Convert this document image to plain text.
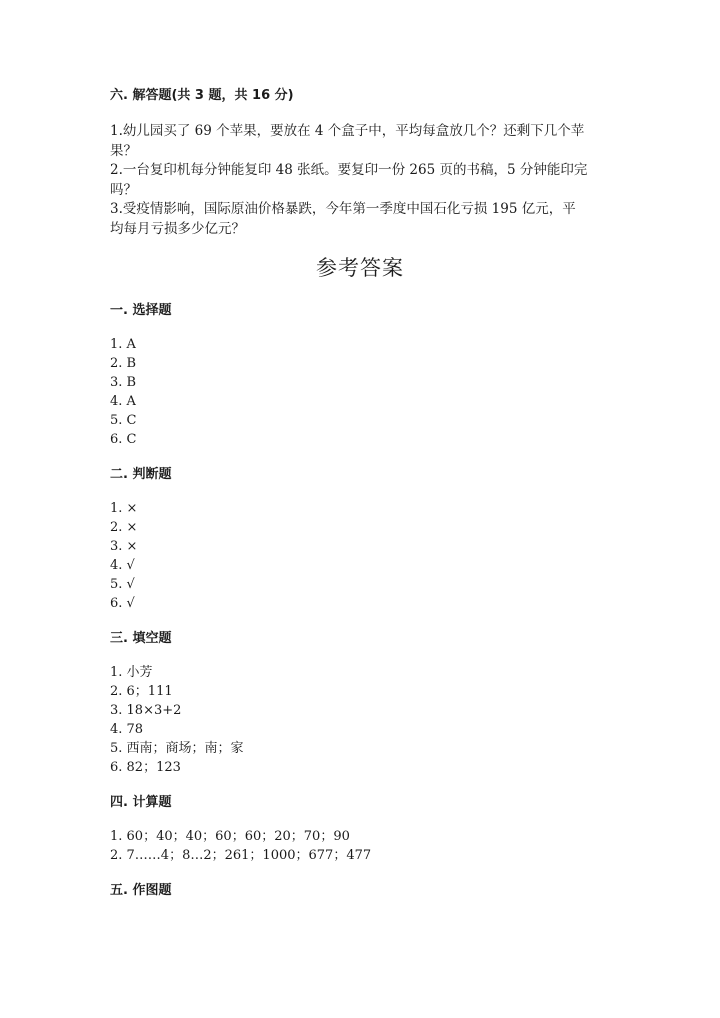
六. 解答题(共 3 题，共 16 分)

1.幼儿园买了 69 个苹果，要放在 4 个盒子中，平均每盒放几个？还剩下几个苹

果？

2.一台复印机每分钟能复印 48 张纸。要复印一份 265 页的书稿，5 分钟能印完

吗？

3.受疫情影响，国际原油价格暴跌，今年第一季度中国石化亏损 195 亿元，平

均每月亏损多少亿元？

参考答案

一. 选择题

1. A

2. B

3. B

4. A

5. C

6. C

二. 判断题

1. ×

2. ×

3. ×

4. √

5. √

6. √

三. 填空题

1. 小芳

2. 6；111

3. 18×3+2

4. 78

5. 西南；商场；南；家

6. 82；123

四. 计算题

1. 60；40；40；60；60；20；70；90

2. 7……4；8…2；261；1000；677；477

五. 作图题
